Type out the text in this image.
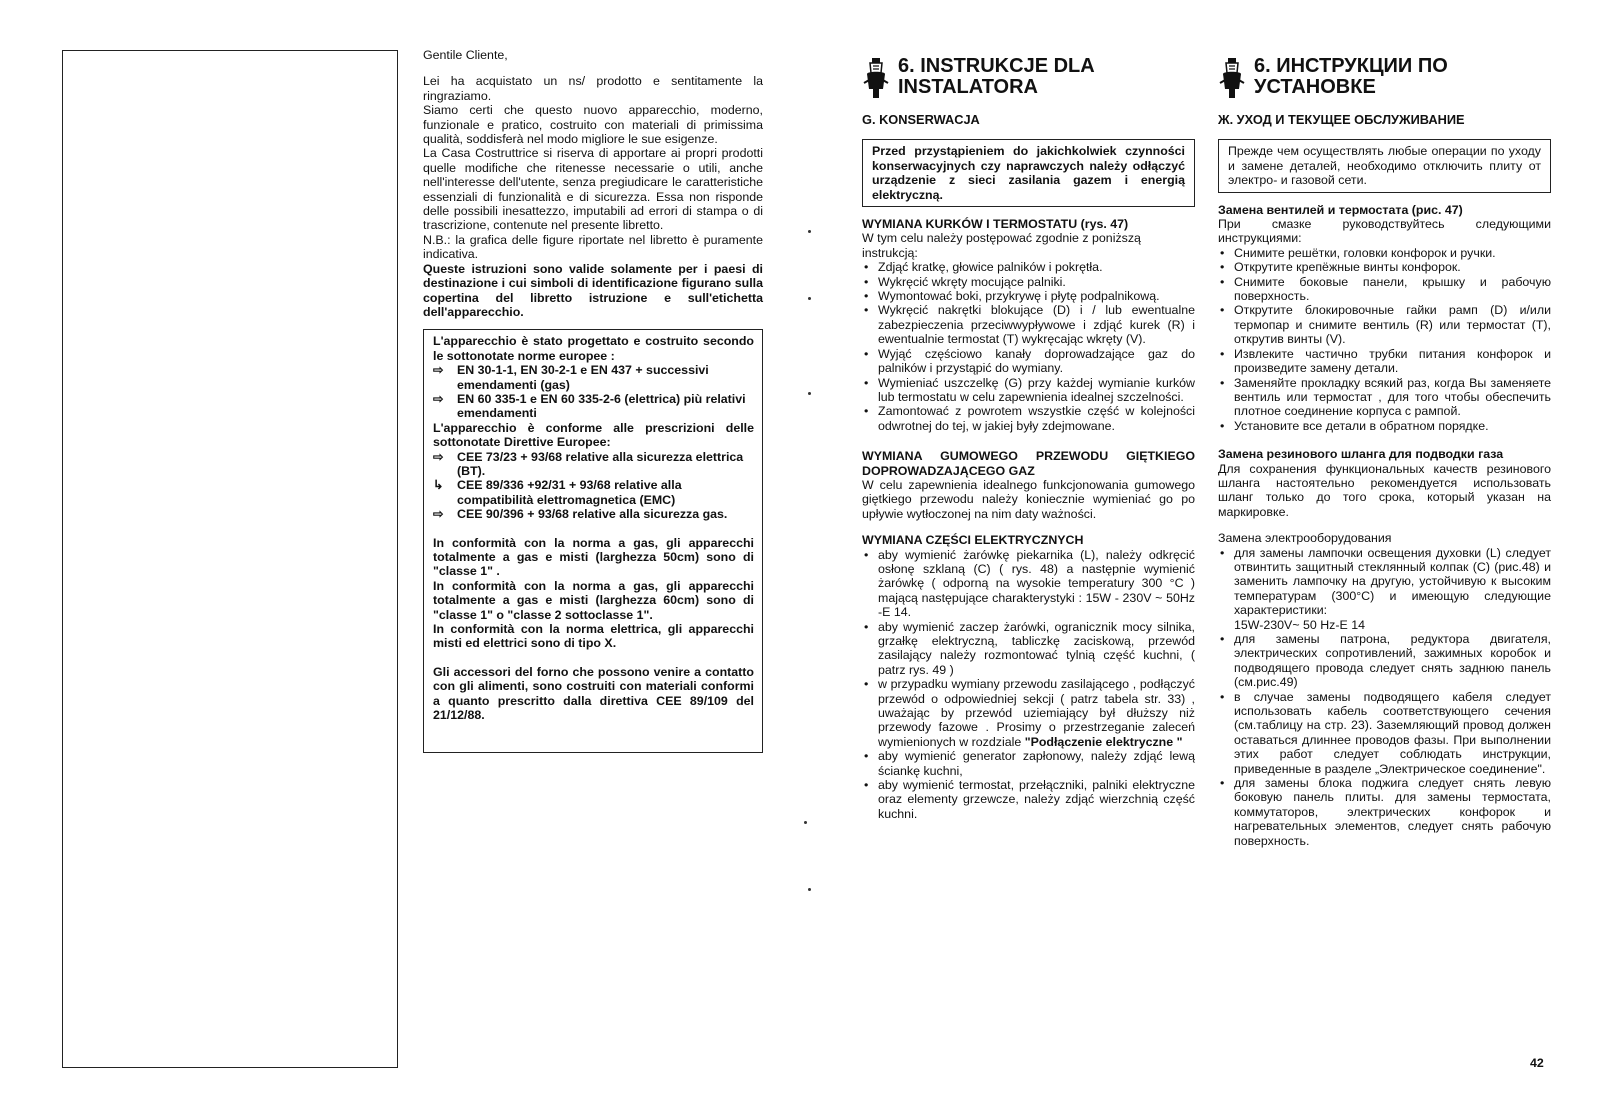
Gentile Cliente,

Lei ha acquistato un ns/ prodotto e sentitamente la ringraziamo.

Siamo certi che questo nuovo apparecchio, moderno, funzionale e pratico, costruito con materiali di primissima qualità, soddisferà nel modo migliore le sue esigenze.

La Casa Costruttrice si riserva di apportare ai propri prodotti quelle modifiche che ritenesse necessarie o utili, anche nell'interesse dell'utente, senza pregiudicare le caratteristiche essenziali di funzionalità e di sicurezza. Essa non risponde delle possibili inesattezzo, imputabili ad errori di stampa o di trascrizione, contenute nel presente libretto.

N.B.: la grafica delle figure riportate nel libretto è puramente indicativa.

Queste istruzioni sono valide solamente per i paesi di destinazione i cui simboli di identificazione figurano sulla copertina del libretto istruzione e sull'etichetta dell'apparecchio.

L'apparecchio è stato progettato e costruito secondo le sottonotate norme europee :

⇨ EN 30-1-1, EN 30-2-1 e EN 437 + successivi emendamenti (gas)

⇨ EN 60 335-1 e EN 60 335-2-6 (elettrica) più relativi emendamenti

L'apparecchio è conforme alle prescrizioni delle sottonotate Direttive Europee:

⇨ CEE 73/23 + 93/68 relative alla sicurezza elettrica (BT).

↳ CEE 89/336 +92/31 + 93/68 relative alla compatibilità elettromagnetica (EMC)

⇨ CEE 90/396 + 93/68 relative alla sicurezza gas.

In conformità con la norma a gas, gli apparecchi totalmente a gas e misti (larghezza 50cm) sono di "classe 1" .

In conformità con la norma a gas, gli apparecchi totalmente a gas e misti (larghezza 60cm) sono di "classe 1" o "classe 2 sottoclasse 1".

In conformità con la norma elettrica, gli apparecchi misti ed elettrici sono di tipo X.

Gli accessori del forno che possono venire a contatto con gli alimenti, sono costruiti con materiali conformi a quanto prescritto dalla direttiva CEE 89/109 del 21/12/88.

6. INSTRUKCJE DLA INSTALATORA
G. KONSERWACJA
Przed przystąpieniem do jakichkolwiek czynności konserwacyjnych czy naprawczych należy odłączyć urządzenie z sieci zasilania gazem i energią elektryczną.

WYMIANA KURKÓW I TERMOSTATU (rys. 47)

W tym celu należy postępować zgodnie z poniższą instrukcją:

• Zdjąć kratkę, głowice palników i pokrętła.
• Wykręcić wkręty mocujące palniki.
• Wymontować boki, przykrywę i płytę podpalnikową.
• Wykręcić nakrętki blokujące (D) i / lub ewentualne zabezpieczenia przeciwwypływowe i zdjąć kurek (R) i ewentualnie termostat (T) wykręcając wkręty (V).
• Wyjąć częściowo kanały doprowadzające gaz do palników i przystąpić do wymiany.
• Wymieniać uszczelkę (G) przy każdej wymianie kurków lub termostatu w celu zapewnienia idealnej szczelności.
• Zamontować z powrotem wszystkie część w kolejności odwrotnej do tej, w jakiej były zdejmowane.

WYMIANA GUMOWEGO PRZEWODU GIĘTKIEGO DOPROWADZAJĄCEGO GAZ

W celu zapewnienia idealnego funkcjonowania gumowego giętkiego przewodu należy koniecznie wymieniać go po upływie wytłoczonej na nim daty ważności.

WYMIANA CZĘŚCI ELEKTRYCZNYCH

• aby wymienić żarówkę piekarnika (L), należy odkręcić osłonę szklaną (C) ( rys. 48) a następnie wymienić żarówkę ( odporną na wysokie temperatury 300 °C ) mającą następujące charakterystyki : 15W - 230V ~ 50Hz -E 14.
• aby wymienić zaczep żarówki, ogranicznik mocy silnika, grzałkę elektryczną, tabliczkę zaciskową, przewód zasilający należy rozmontować tylnią część kuchni, ( patrz rys. 49 )
• w przypadku wymiany przewodu zasilającego , podłączyć przewód o odpowiedniej sekcji ( patrz tabela str. 33) , uważając by przewód uziemiający był dłuższy niż przewody fazowe . Prosimy o przestrzeganie zaleceń wymienionych w rozdziale "Podłączenie elektryczne "
• aby wymienić generator zapłonowy, należy zdjąć lewą ściankę kuchni,
• aby wymienić termostat, przełączniki, palniki elektryczne oraz elementy grzewcze, należy zdjąć wierzchnią część kuchni.
6. ИНСТРУКЦИИ ПО УСТАНОВКЕ
Ж. УХОД И ТЕКУЩЕЕ ОБСЛУЖИВАНИЕ
Прежде чем осуществлять любые операции по уходу и замене деталей, необходимо отключить плиту от электро- и газовой сети.

Замена вентилей и термостата (рис. 47)

При смазке руководствуйтесь следующими инструкциями:

• Снимите решётки, головки конфорок и ручки.
• Открутите крепёжные винты конфорок.
• Снимите боковые панели, крышку и рабочую поверхность.
• Открутите блокировочные гайки рамп (D) и/или термопар и снимите вентиль (R) или термостат (T), открутив винты (V).
• Извлеките частично трубки питания конфорок и произведите замену детали.
• Заменяйте прокладку всякий раз, когда Вы заменяете вентиль или термостат , для того чтобы обеспечить плотное соединение корпуса с рампой.
• Установите все детали в обратном порядке.

Замена резинового шланга для подводки газа

Для сохранения функциональных качеств резинового шланга настоятельно рекомендуется использовать шланг только до того срока, который указан на маркировке.

Замена электрооборудования

• для замены лампочки освещения духовки (L) следует отвинтить защитный стеклянный колпак (C) (рис.48) и заменить лампочку на другую, устойчивую к высоким температурам (300°C) и имеющую следующие характеристики:
15W-230V~ 50 Hz-E 14
• для замены патрона, редуктора двигателя, электрических сопротивлений, зажимных коробок и подводящего провода следует снять заднюю панель (см.рис.49)
• в случае замены подводящего кабеля следует использовать кабель соответствующего сечения (см.таблицу на стр. 23). Заземляющий провод должен оставаться длиннее проводов фазы. При выполнении этих работ следует соблюдать инструкции, приведенные в разделе „Электрическое соединение".
• для замены блока поджига следует снять левую боковую панель плиты. для замены термостата, коммутаторов, электрических конфорок и нагревательных элементов, следует снять рабочую поверхность.
42
